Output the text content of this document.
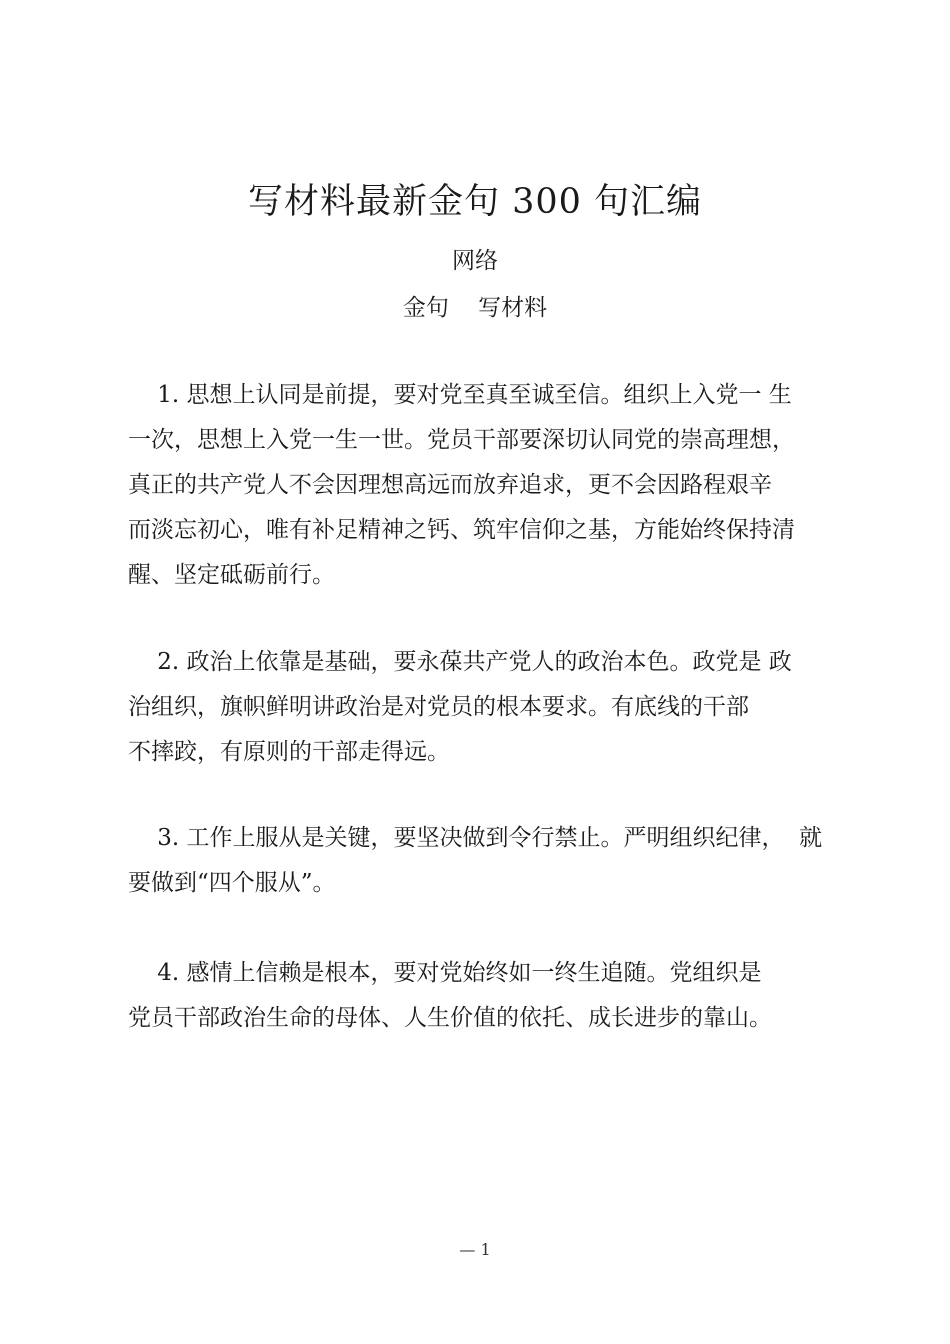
写材料最新金句 300 句汇编
网络
金句    写材料
1. 思想上认同是前提，要对党至真至诚至信。组织上入党一 生
一次，思想上入党一生一世。党员干部要深切认同党的崇高理想，
真正的共产党人不会因理想高远而放弃追求，更不会因路程艰辛
而淡忘初心，唯有补足精神之钙、筑牢信仰之基，方能始终保持清
醒、坚定砥砺前行。
2. 政治上依靠是基础，要永葆共产党人的政治本色。政党是 政
治组织，旗帜鲜明讲政治是对党员的根本要求。有底线的干部
不摔跤，有原则的干部走得远。
3. 工作上服从是关键，要坚决做到令行禁止。严明组织纪律，  就
要做到“四个服从”。
4. 感情上信赖是根本，要对党始终如一终生追随。党组织是
党员干部政治生命的母体、人生价值的依托、成长进步的靠山。
— 1
